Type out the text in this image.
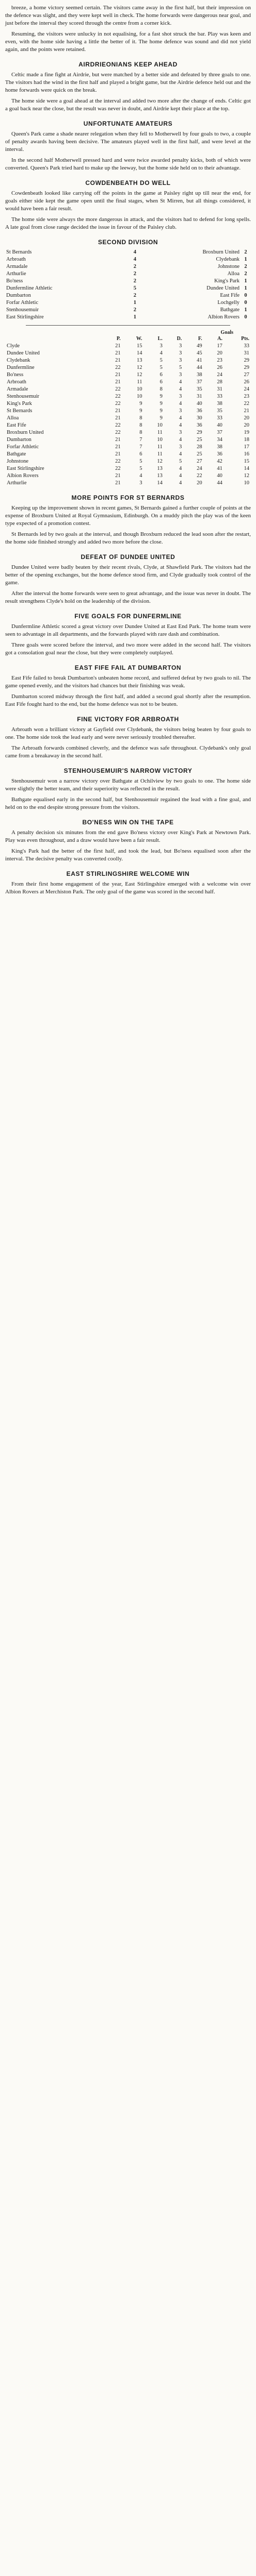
breeze, a home victory seemed certain. The visitors came away in the first half, but their impression on the defence was slight, and they were kept well in check. The home forwards were dangerous near goal, and just before the interval they scored through the centre from a corner kick.

Resuming, the visitors were unlucky in not equalising, for a fast shot struck the bar. Play was keen and even, with the home side having a little the better of it. The home defence was sound and did not yield again, and the points were retained.

AIRDRIEONIANS KEEP AHEAD

Celtic made a fine fight at Airdrie, but were matched by a better side and defeated by three goals to one. The visitors had the wind in the first half and played a bright game, but the Airdrie defence held out and the home forwards were quick on the break.

The home side were a goal ahead at the interval and added two more after the change of ends. Celtic got a goal back near the close, but the result was never in doubt, and Airdrie kept their place at the top.

UNFORTUNATE AMATEURS

Queen's Park came a shade nearer relegation when they fell to Motherwell by four goals to two, a couple of penalty awards having been decisive. The amateurs played well in the first half, and were level at the interval.

In the second half Motherwell pressed hard and were twice awarded penalty kicks, both of which were converted. Queen's Park tried hard to make up the leeway, but the home side held on to their advantage.

COWDENBEATH DO WELL

Cowdenbeath looked like carrying off the points in the game at Paisley right up till near the end, for goals either side kept the game open until the final stages, when St Mirren, but all things considered, it would have been a fair result.

The home side were always the more dangerous in attack, and the visitors had to defend for long spells. A late goal from close range decided the issue in favour of the Paisley club.

SECOND DIVISION
St Bernards	4	Broxburn United	2
Arbroath	4	Clydebank	1
Armadale	2	Johnstone	2
Arthurlie	2	Alloa	2
Bo'ness	2	King's Park	1
Dunfermline Athletic	5	Dundee United	1
Dumbarton	2	East Fife	0
Forfar Athletic	1	Lochgelly	0
Stenhousemuir	2	Bathgate	1
East Stirlingshire	1	Albion Rovers	0
Goals
	P.	W.	L.	D.	F.	A.	Pts.
Clyde	21	15	3	3	49	17	33
Dundee United	21	14	4	3	45	20	31
Clydebank	21	13	5	3	41	23	29
Dunfermline	22	12	5	5	44	26	29
Bo'ness	21	12	6	3	38	24	27
Arbroath	21	11	6	4	37	28	26
Armadale	22	10	8	4	35	31	24
Stenhousemuir	22	10	9	3	31	33	23
King's Park	22	9	9	4	40	38	22
St Bernards	21	9	9	3	36	35	21
Alloa	21	8	9	4	30	33	20
East Fife	22	8	10	4	36	40	20
Broxburn United	22	8	11	3	29	37	19
Dumbarton	21	7	10	4	25	34	18
Forfar Athletic	21	7	11	3	28	38	17
Bathgate	21	6	11	4	25	36	16
Johnstone	22	5	12	5	27	42	15
East Stirlingshire	22	5	13	4	24	41	14
Albion Rovers	21	4	13	4	22	40	12
Arthurlie	21	3	14	4	20	44	10
MORE POINTS FOR ST BERNARDS

Keeping up the improvement shown in recent games, St Bernards gained a further couple of points at the expense of Broxburn United at Royal Gymnasium, Edinburgh. On a muddy pitch the play was of the keen type expected of a promotion contest.

St Bernards led by two goals at the interval, and though Broxburn reduced the lead soon after the restart, the home side finished strongly and added two more before the close.

DEFEAT OF DUNDEE UNITED

Dundee United were badly beaten by their recent rivals, Clyde, at Shawfield Park. The visitors had the better of the opening exchanges, but the home defence stood firm, and Clyde gradually took control of the game.

After the interval the home forwards were seen to great advantage, and the issue was never in doubt. The result strengthens Clyde's hold on the leadership of the division.

FIVE GOALS FOR DUNFERMLINE

Dunfermline Athletic scored a great victory over Dundee United at East End Park. The home team were seen to advantage in all departments, and the forwards played with rare dash and combination.

Three goals were scored before the interval, and two more were added in the second half. The visitors got a consolation goal near the close, but they were completely outplayed.

EAST FIFE FAIL AT DUMBARTON

East Fife failed to break Dumbarton's unbeaten home record, and suffered defeat by two goals to nil. The game opened evenly, and the visitors had chances but their finishing was weak.

Dumbarton scored midway through the first half, and added a second goal shortly after the resumption. East Fife fought hard to the end, but the home defence was not to be beaten.

FINE VICTORY FOR ARBROATH

Arbroath won a brilliant victory at Gayfield over Clydebank, the visitors being beaten by four goals to one. The home side took the lead early and were never seriously troubled thereafter.

The Arbroath forwards combined cleverly, and the defence was safe throughout. Clydebank's only goal came from a breakaway in the second half.

STENHOUSEMUIR'S NARROW VICTORY

Stenhousemuir won a narrow victory over Bathgate at Ochilview by two goals to one. The home side were slightly the better team, and their superiority was reflected in the result.

Bathgate equalised early in the second half, but Stenhousemuir regained the lead with a fine goal, and held on to the end despite strong pressure from the visitors.

BO'NESS WIN ON THE TAPE

A penalty decision six minutes from the end gave Bo'ness victory over King's Park at Newtown Park. Play was even throughout, and a draw would have been a fair result.

King's Park had the better of the first half, and took the lead, but Bo'ness equalised soon after the interval. The decisive penalty was converted coolly.

EAST STIRLINGSHIRE WELCOME WIN

From their first home engagement of the year, East Stirlingshire emerged with a welcome win over Albion Rovers at Merchiston Park. The only goal of the game was scored in the second half.
